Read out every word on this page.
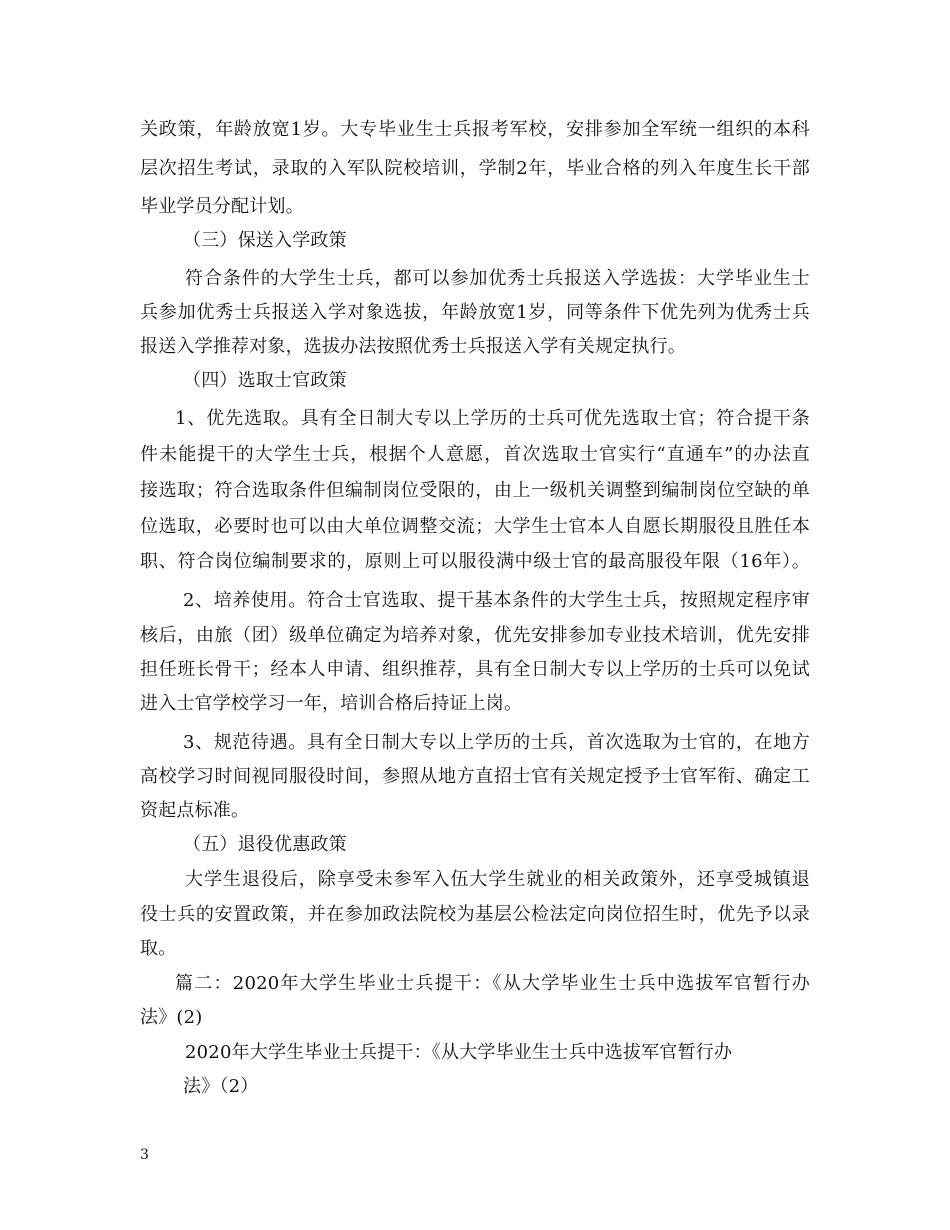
关政策，年龄放宽1岁。大专毕业生士兵报考军校，安排参加全军统一组织的本科
层次招生考试，录取的入军队院校培训，学制2年，毕业合格的列入年度生长干部
毕业学员分配计划。
（三）保送入学政策
符合条件的大学生士兵，都可以参加优秀士兵报送入学选拔：大学毕业生士
兵参加优秀士兵报送入学对象选拔，年龄放宽1岁，同等条件下优先列为优秀士兵
报送入学推荐对象，选拔办法按照优秀士兵报送入学有关规定执行。
（四）选取士官政策
1、优先选取。具有全日制大专以上学历的士兵可优先选取士官；符合提干条
件未能提干的大学生士兵，根据个人意愿，首次选取士官实行“直通车”的办法直
接选取；符合选取条件但编制岗位受限的，由上一级机关调整到编制岗位空缺的单
位选取，必要时也可以由大单位调整交流；大学生士官本人自愿长期服役且胜任本
职、符合岗位编制要求的，原则上可以服役满中级士官的最高服役年限（16年）。
2、培养使用。符合士官选取、提干基本条件的大学生士兵，按照规定程序审
核后，由旅（团）级单位确定为培养对象，优先安排参加专业技术培训，优先安排
担任班长骨干；经本人申请、组织推荐，具有全日制大专以上学历的士兵可以免试
进入士官学校学习一年，培训合格后持证上岗。
3、规范待遇。具有全日制大专以上学历的士兵，首次选取为士官的，在地方
高校学习时间视同服役时间，参照从地方直招士官有关规定授予士官军衔、确定工
资起点标准。
（五）退役优惠政策
大学生退役后，除享受未参军入伍大学生就业的相关政策外，还享受城镇退
役士兵的安置政策，并在参加政法院校为基层公检法定向岗位招生时，优先予以录
取。
篇二：2020年大学生毕业士兵提干：《从大学毕业生士兵中选拔军官暂行办
法》(2)
2020年大学生毕业士兵提干：《从大学毕业生士兵中选拔军官暂行办
法》（2）
3
